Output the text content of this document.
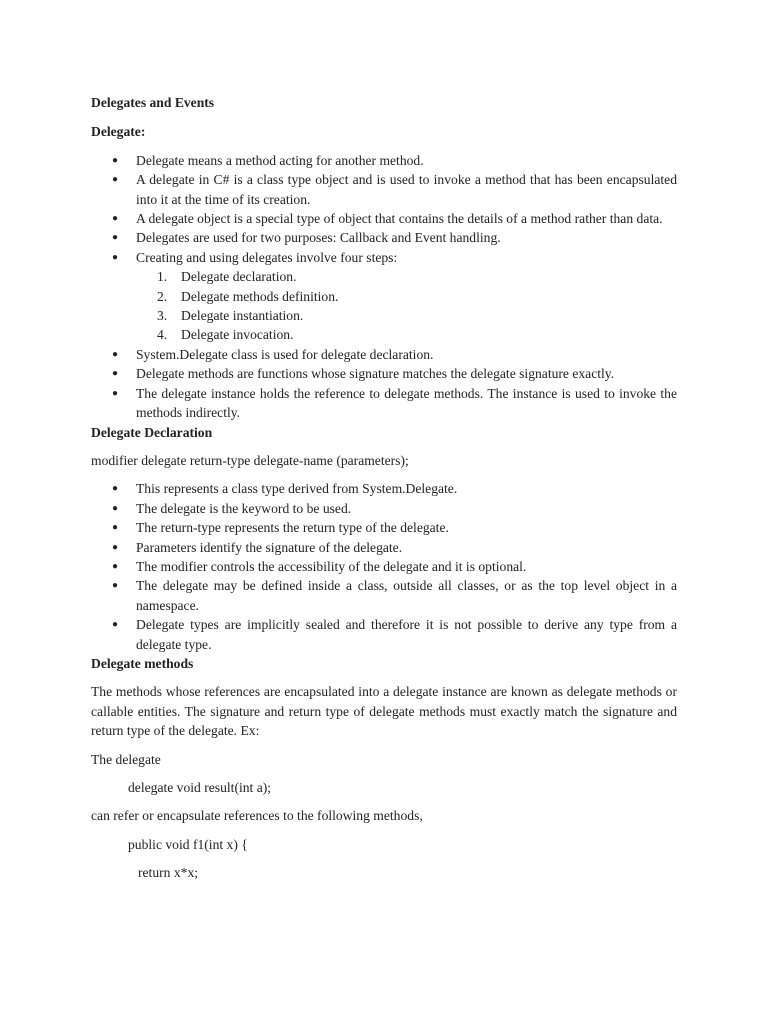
Delegates and Events
Delegate:
● Delegate means a method acting for another method.
● A delegate in C# is a class type object and is used to invoke a method that has been encapsulated into it at the time of its creation.
● A delegate object is a special type of object that contains the details of a method rather than data.
● Delegates are used for two purposes: Callback and Event handling.
● Creating and using delegates involve four steps:
1. Delegate declaration.
2. Delegate methods definition.
3. Delegate instantiation.
4. Delegate invocation.
● System.Delegate class is used for delegate declaration.
● Delegate methods are functions whose signature matches the delegate signature exactly.
● The delegate instance holds the reference to delegate methods. The instance is used to invoke the methods indirectly.
Delegate Declaration

modifier delegate return-type delegate-name (parameters);

● This represents a class type derived from System.Delegate.
● The delegate is the keyword to be used.
● The return-type represents the return type of the delegate.
● Parameters identify the signature of the delegate.
● The modifier controls the accessibility of the delegate and it is optional.
● The delegate may be defined inside a class, outside all classes, or as the top level object in a namespace.
● Delegate types are implicitly sealed and therefore it is not possible to derive any type from a delegate type.
Delegate methods

The methods whose references are encapsulated into a delegate instance are known as delegate methods or callable entities. The signature and return type of delegate methods must exactly match the signature and return type of the delegate. Ex:

The delegate

delegate void result(int a);

can refer or encapsulate references to the following methods,

public void f1(int x) {

return x*x;
